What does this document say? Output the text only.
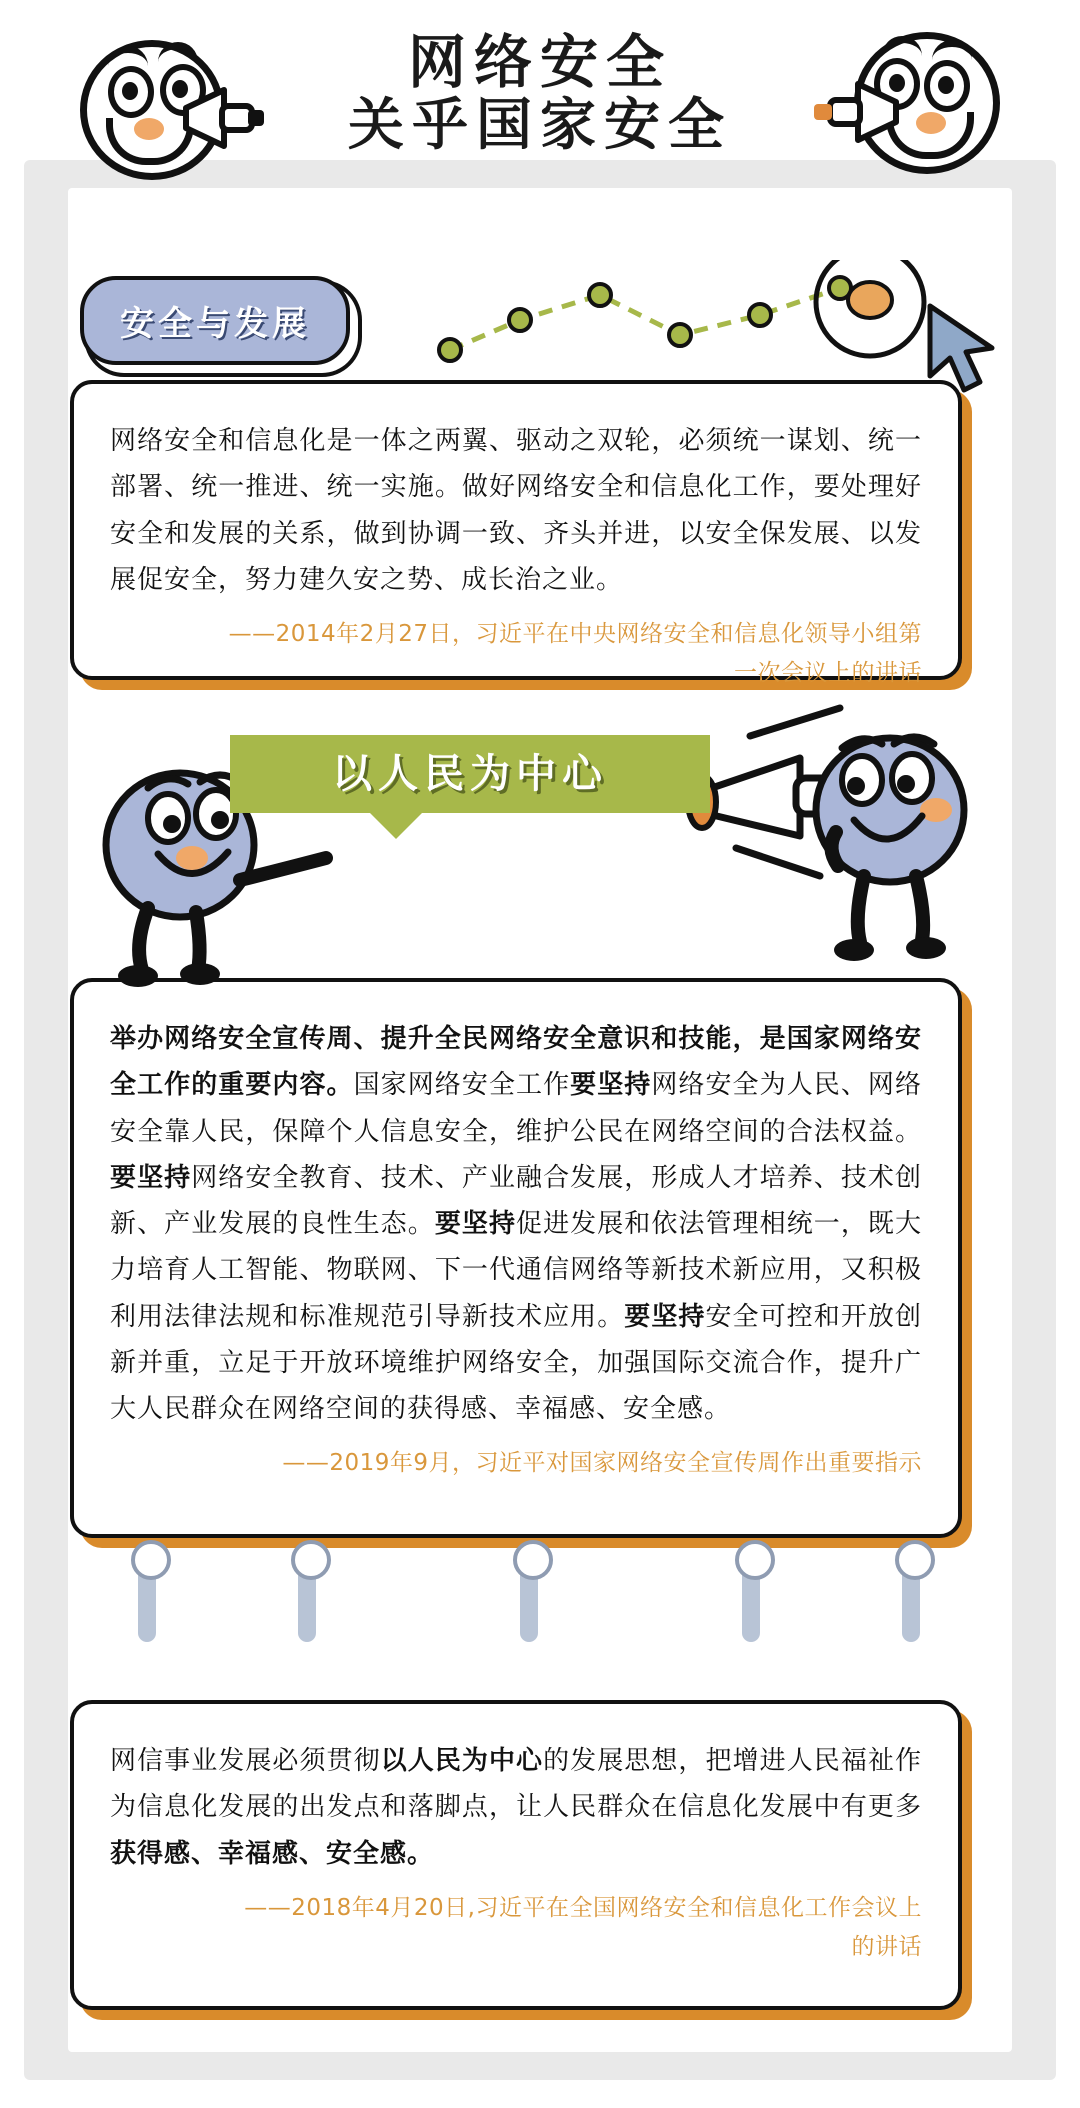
网络安全
关乎国家安全
安全与发展
网络安全和信息化是一体之两翼、驱动之双轮，必须统一谋划、统一部署、统一推进、统一实施。做好网络安全和信息化工作，要处理好安全和发展的关系，做到协调一致、齐头并进，以安全保发展、以发展促安全，努力建久安之势、成长治之业。
——2014年2月27日，习近平在中央网络安全和信息化领导小组第
一次会议上的讲话
以人民为中心
举办网络安全宣传周、提升全民网络安全意识和技能，是国家网络安全工作的重要内容。国家网络安全工作要坚持网络安全为人民、网络安全靠人民，保障个人信息安全，维护公民在网络空间的合法权益。要坚持网络安全教育、技术、产业融合发展，形成人才培养、技术创新、产业发展的良性生态。要坚持促进发展和依法管理相统一，既大力培育人工智能、物联网、下一代通信网络等新技术新应用，又积极利用法律法规和标准规范引导新技术应用。要坚持安全可控和开放创新并重，立足于开放环境维护网络安全，加强国际交流合作，提升广大人民群众在网络空间的获得感、幸福感、安全感。
——2019年9月，习近平对国家网络安全宣传周作出重要指示
网信事业发展必须贯彻以人民为中心的发展思想，把增进人民福祉作为信息化发展的出发点和落脚点，让人民群众在信息化发展中有更多获得感、幸福感、安全感。
——2018年4月20日,习近平在全国网络安全和信息化工作会议上
的讲话
